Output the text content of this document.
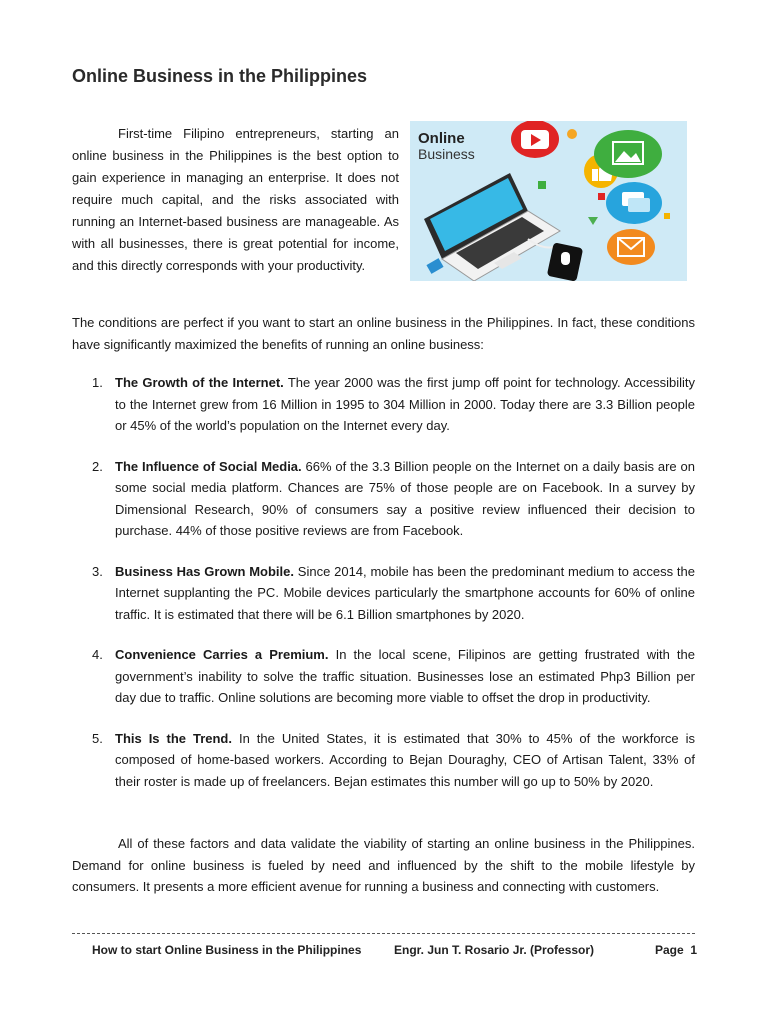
Online Business in the Philippines
First-time Filipino entrepreneurs, starting an online business in the Philippines is the best option to gain experience in managing an enterprise. It does not require much capital, and the risks associated with running an Internet-based business are manageable. As with all businesses, there is great potential for income, and this directly corresponds with your productivity.
Online
Business
The conditions are perfect if you want to start an online business in the Philippines. In fact, these conditions have significantly maximized the benefits of running an online business:
1. The Growth of the Internet. The year 2000 was the first jump off point for technology. Accessibility to the Internet grew from 16 Million in 1995 to 304 Million in 2000. Today there are 3.3 Billion people or 45% of the world’s population on the Internet every day.
2. The Influence of Social Media. 66% of the 3.3 Billion people on the Internet on a daily basis are on some social media platform. Chances are 75% of those people are on Facebook. In a survey by Dimensional Research, 90% of consumers say a positive review influenced their decision to purchase. 44% of those positive reviews are from Facebook.
3. Business Has Grown Mobile. Since 2014, mobile has been the predominant medium to access the Internet supplanting the PC. Mobile devices particularly the smartphone accounts for 60% of online traffic. It is estimated that there will be 6.1 Billion smartphones by 2020.
4. Convenience Carries a Premium. In the local scene, Filipinos are getting frustrated with the government’s inability to solve the traffic situation. Businesses lose an estimated Php3 Billion per day due to traffic. Online solutions are becoming more viable to offset the drop in productivity.
5. This Is the Trend. In the United States, it is estimated that 30% to 45% of the workforce is composed of home-based workers. According to Bejan Douraghy, CEO of Artisan Talent, 33% of their roster is made up of freelancers. Bejan estimates this number will go up to 50% by 2020.
All of these factors and data validate the viability of starting an online business in the Philippines. Demand for online business is fueled by need and influenced by the shift to the mobile lifestyle by consumers. It presents a more efficient avenue for running a business and connecting with customers.
How to start Online Business in the Philippines	Engr. Jun T. Rosario Jr. (Professor)	Page  1
